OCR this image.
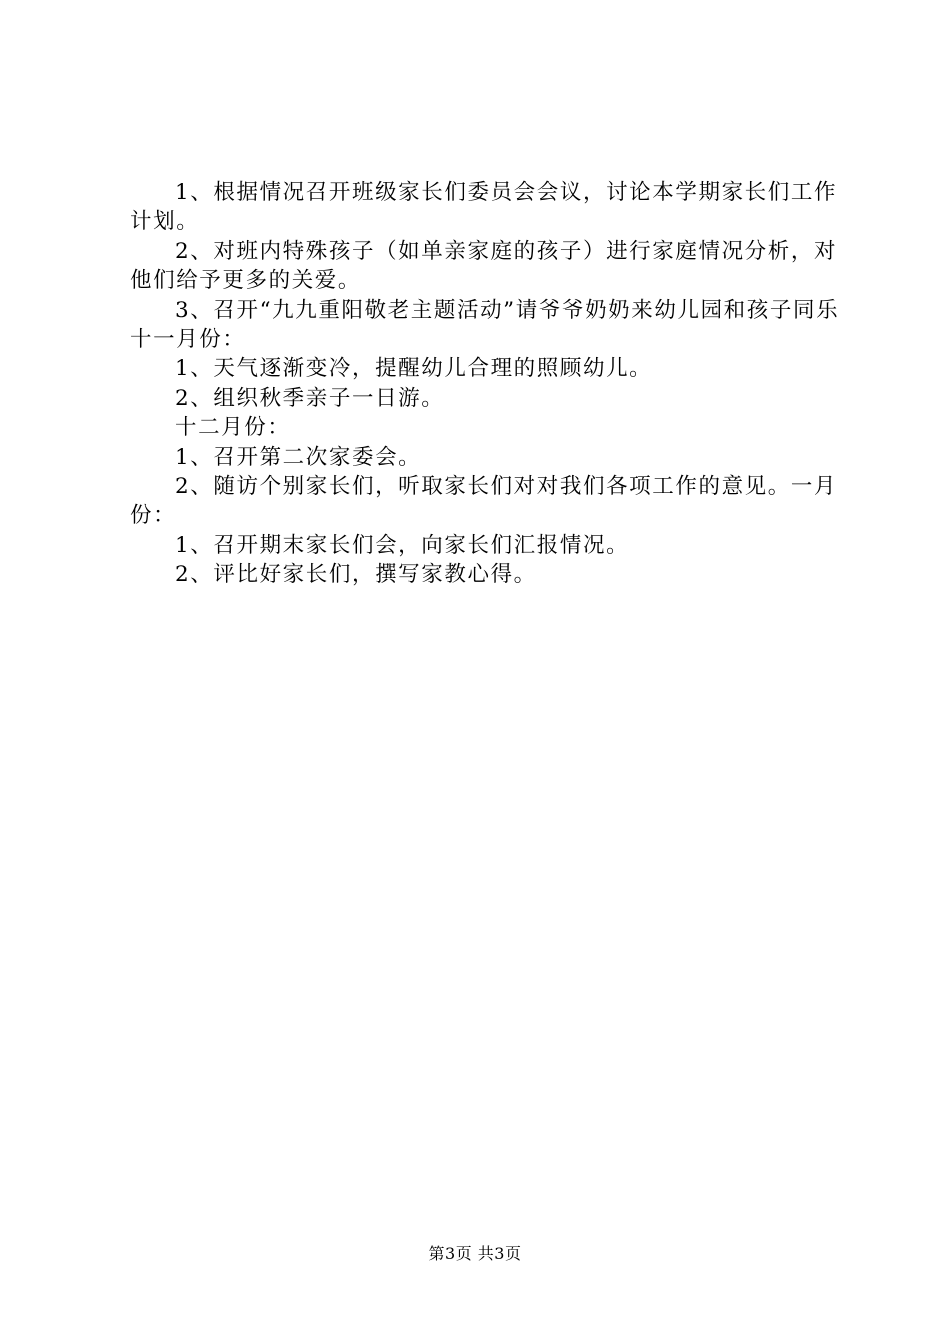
1、根据情况召开班级家长们委员会会议，讨论本学期家长们工作计划。

2、对班内特殊孩子（如单亲家庭的孩子）进行家庭情况分析，对他们给予更多的关爱。

3、召开“九九重阳敬老主题活动”请爷爷奶奶来幼儿园和孩子同乐十一月份：

1、天气逐渐变冷，提醒幼儿合理的照顾幼儿。

2、组织秋季亲子一日游。

十二月份：

1、召开第二次家委会。

2、随访个别家长们，听取家长们对对我们各项工作的意见。一月份：

1、召开期末家长们会，向家长们汇报情况。

2、评比好家长们，撰写家教心得。

第3页 共3页
